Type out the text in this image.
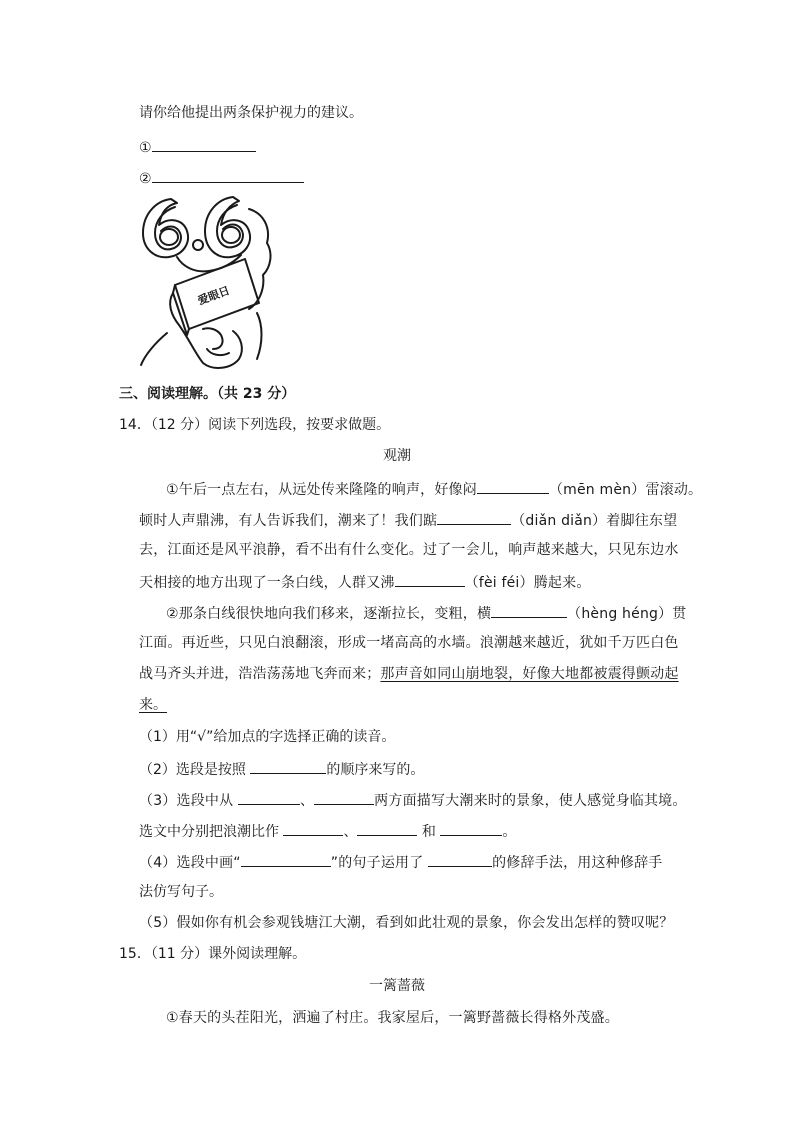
请你给他提出两条保护视力的建议。
①
②
爱眼日
三、阅读理解。（共 23 分）
14．（12 分）阅读下列选段，按要求做题。
观潮
①午后一点左右，从远处传来隆隆的响声，好像闷	（mēn mèn）雷滚动。
顿时人声鼎沸，有人告诉我们，潮来了！我们踮	（diǎn diǎn）着脚往东望
去，江面还是风平浪静，看不出有什么变化。过了一会儿，响声越来越大，只见东边水
天相接的地方出现了一条白线，人群又沸	（fèi féi）腾起来。
②那条白线很快地向我们移来，逐渐拉长，变粗，横	（hèng héng）贯
江面。再近些，只见白浪翻滚，形成一堵高高的水墙。浪潮越来越近，犹如千万匹白色
战马齐头并进，浩浩荡荡地飞奔而来；那声音如同山崩地裂，好像大地都被震得颤动起
来。
（1）用“√”给加点的字选择正确的读音。
（2）选段是按照	的顺序来写的。
（3）选段中从	、	两方面描写大潮来时的景象，使人感觉身临其境。
选文中分别把浪潮比作	、	和	。
（4）选段中画“	”的句子运用了	的修辞手法，用这种修辞手
法仿写句子。
（5）假如你有机会参观钱塘江大潮，看到如此壮观的景象，你会发出怎样的赞叹呢？
15．（11 分）课外阅读理解。
一篱蔷薇
①春天的头茬阳光，洒遍了村庄。我家屋后，一篱野蔷薇长得格外茂盛。
